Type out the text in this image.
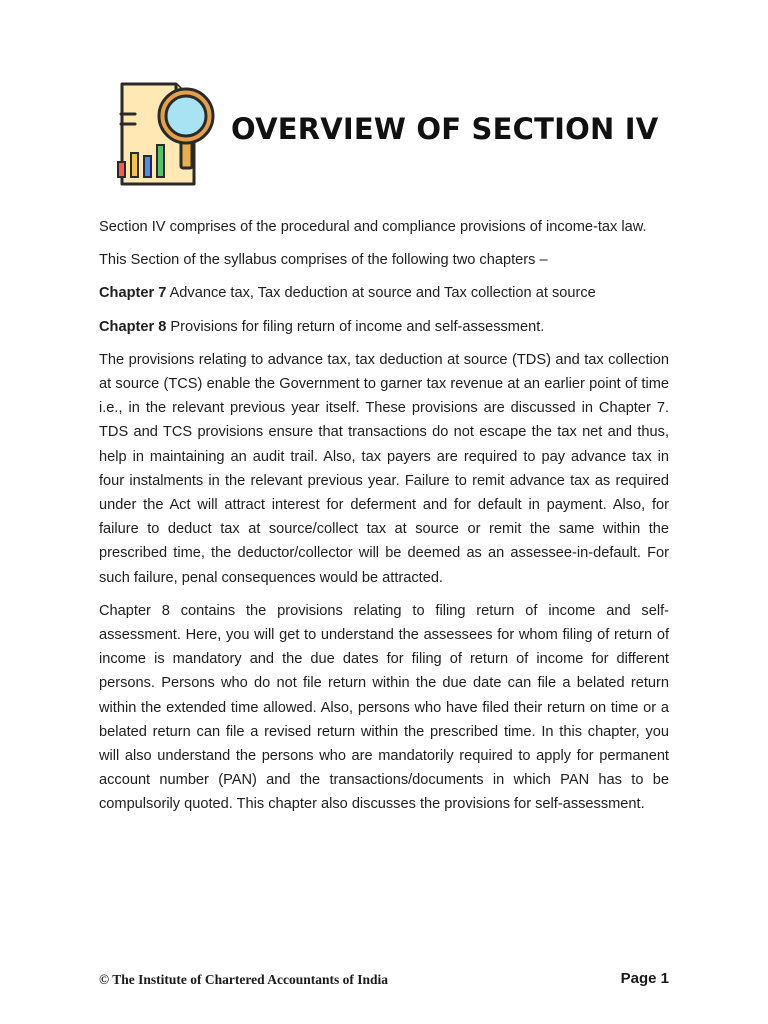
OVERVIEW OF SECTION IV

Section IV comprises of the procedural and compliance provisions of income-tax law.

This Section of the syllabus comprises of the following two chapters –

Chapter 7 Advance tax, Tax deduction at source and Tax collection at source

Chapter 8 Provisions for filing return of income and self-assessment.

The provisions relating to advance tax, tax deduction at source (TDS) and tax collection at source (TCS) enable the Government to garner tax revenue at an earlier point of time i.e., in the relevant previous year itself. These provisions are discussed in Chapter 7. TDS and TCS provisions ensure that transactions do not escape the tax net and thus, help in maintaining an audit trail. Also, tax payers are required to pay advance tax in four instalments in the relevant previous year. Failure to remit advance tax as required under the Act will attract interest for deferment and for default in payment. Also, for failure to deduct tax at source/collect tax at source or remit the same within the prescribed time, the deductor/collector will be deemed as an assessee-in-default. For such failure, penal consequences would be attracted.

Chapter 8 contains the provisions relating to filing return of income and self-assessment. Here, you will get to understand the assessees for whom filing of return of income is mandatory and the due dates for filing of return of income for different persons. Persons who do not file return within the due date can file a belated return within the extended time allowed. Also, persons who have filed their return on time or a belated return can file a revised return within the prescribed time. In this chapter, you will also understand the persons who are mandatorily required to apply for permanent account number (PAN) and the transactions/documents in which PAN has to be compulsorily quoted. This chapter also discusses the provisions for self-assessment.

© The Institute of Chartered Accountants of India	Page 1
